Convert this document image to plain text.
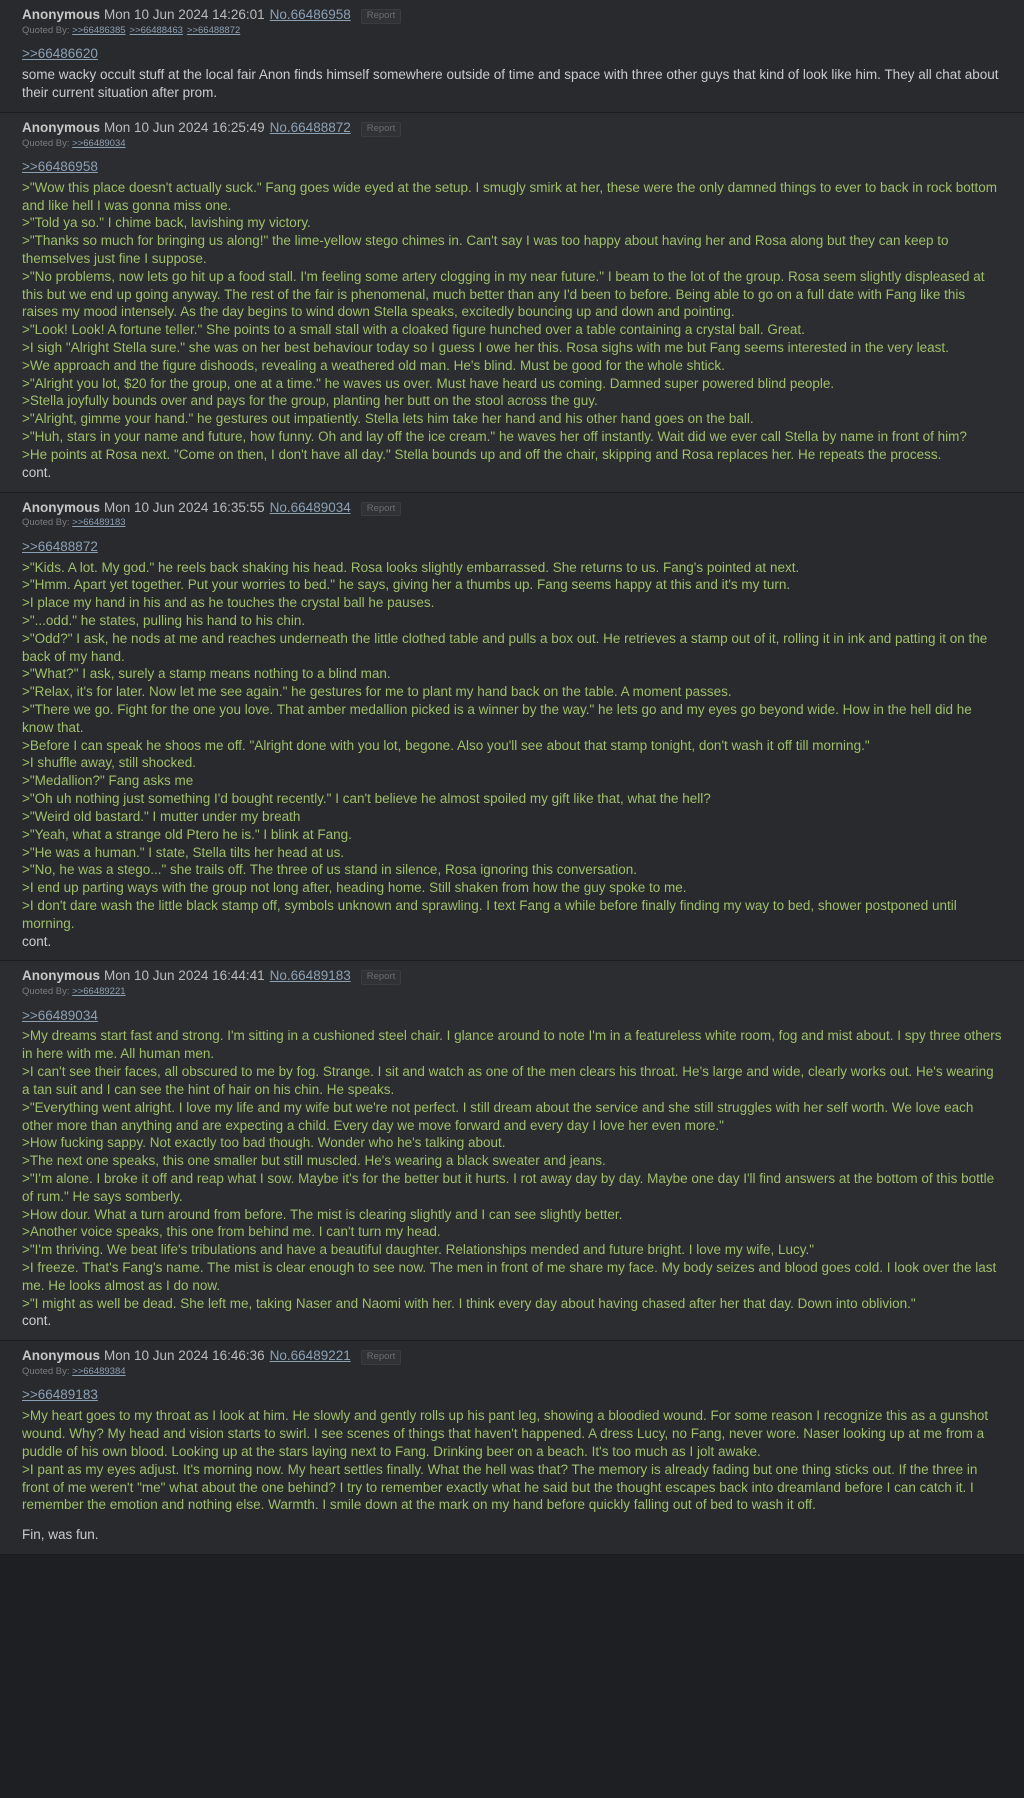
Anonymous Mon 10 Jun 2024 14:26:01 No.66486958 Report
Quoted By: >>66486385 >>66488463 >>66488872
>>66486620
some wacky occult stuff at the local fair Anon finds himself somewhere outside of time and space with three other guys that kind of look like him. They all chat about their current situation after prom.
Anonymous Mon 10 Jun 2024 16:25:49 No.66488872 Report
Quoted By: >>66489034
>>66486958
>"Wow this place doesn't actually suck." Fang goes wide eyed at the setup. I smugly smirk at her, these were the only damned things to ever to back in rock bottom and like hell I was gonna miss one.
>"Told ya so." I chime back, lavishing my victory.
>"Thanks so much for bringing us along!" the lime-yellow stego chimes in. Can't say I was too happy about having her and Rosa along but they can keep to themselves just fine I suppose.
>"No problems, now lets go hit up a food stall. I'm feeling some artery clogging in my near future." I beam to the lot of the group. Rosa seem slightly displeased at this but we end up going anyway. The rest of the fair is phenomenal, much better than any I'd been to before. Being able to go on a full date with Fang like this raises my mood intensely. As the day begins to wind down Stella speaks, excitedly bouncing up and down and pointing.
>"Look! Look! A fortune teller." She points to a small stall with a cloaked figure hunched over a table containing a crystal ball. Great.
>I sigh "Alright Stella sure." she was on her best behaviour today so I guess I owe her this. Rosa sighs with me but Fang seems interested in the very least.
>We approach and the figure dishoods, revealing a weathered old man. He's blind. Must be good for the whole shtick.
>"Alright you lot, $20 for the group, one at a time." he waves us over. Must have heard us coming. Damned super powered blind people.
>Stella joyfully bounds over and pays for the group, planting her butt on the stool across the guy.
>"Alright, gimme your hand." he gestures out impatiently. Stella lets him take her hand and his other hand goes on the ball.
>"Huh, stars in your name and future, how funny. Oh and lay off the ice cream." he waves her off instantly. Wait did we ever call Stella by name in front of him?
>He points at Rosa next. "Come on then, I don't have all day." Stella bounds up and off the chair, skipping and Rosa replaces her. He repeats the process.
cont.
Anonymous Mon 10 Jun 2024 16:35:55 No.66489034 Report
Quoted By: >>66489183
>>66488872
>"Kids. A lot. My god." he reels back shaking his head. Rosa looks slightly embarrassed. She returns to us. Fang's pointed at next.
>"Hmm. Apart yet together. Put your worries to bed." he says, giving her a thumbs up. Fang seems happy at this and it's my turn.
>I place my hand in his and as he touches the crystal ball he pauses.
>"...odd." he states, pulling his hand to his chin.
>"Odd?" I ask, he nods at me and reaches underneath the little clothed table and pulls a box out. He retrieves a stamp out of it, rolling it in ink and patting it on the back of my hand.
>"What?" I ask, surely a stamp means nothing to a blind man.
>"Relax, it's for later. Now let me see again." he gestures for me to plant my hand back on the table. A moment passes.
>"There we go. Fight for the one you love. That amber medallion picked is a winner by the way." he lets go and my eyes go beyond wide. How in the hell did he know that.
>Before I can speak he shoos me off. "Alright done with you lot, begone. Also you'll see about that stamp tonight, don't wash it off till morning."
>I shuffle away, still shocked.
>"Medallion?" Fang asks me
>"Oh uh nothing just something I'd bought recently." I can't believe he almost spoiled my gift like that, what the hell?
>"Weird old bastard." I mutter under my breath
>"Yeah, what a strange old Ptero he is." I blink at Fang.
>"He was a human." I state, Stella tilts her head at us.
>"No, he was a stego..." she trails off. The three of us stand in silence, Rosa ignoring this conversation.
>I end up parting ways with the group not long after, heading home. Still shaken from how the guy spoke to me.
>I don't dare wash the little black stamp off, symbols unknown and sprawling. I text Fang a while before finally finding my way to bed, shower postponed until morning.
cont.
Anonymous Mon 10 Jun 2024 16:44:41 No.66489183 Report
Quoted By: >>66489221
>>66489034
>My dreams start fast and strong. I'm sitting in a cushioned steel chair. I glance around to note I'm in a featureless white room, fog and mist about. I spy three others in here with me. All human men.
>I can't see their faces, all obscured to me by fog. Strange. I sit and watch as one of the men clears his throat. He's large and wide, clearly works out. He's wearing a tan suit and I can see the hint of hair on his chin. He speaks.
>"Everything went alright. I love my life and my wife but we're not perfect. I still dream about the service and she still struggles with her self worth. We love each other more than anything and are expecting a child. Every day we move forward and every day I love her even more."
>How fucking sappy. Not exactly too bad though. Wonder who he's talking about.
>The next one speaks, this one smaller but still muscled. He's wearing a black sweater and jeans.
>"I'm alone. I broke it off and reap what I sow. Maybe it's for the better but it hurts. I rot away day by day. Maybe one day I'll find answers at the bottom of this bottle of rum." He says somberly.
>How dour. What a turn around from before. The mist is clearing slightly and I can see slightly better.
>Another voice speaks, this one from behind me. I can't turn my head.
>"I'm thriving. We beat life's tribulations and have a beautiful daughter. Relationships mended and future bright. I love my wife, Lucy."
>I freeze. That's Fang's name. The mist is clear enough to see now. The men in front of me share my face. My body seizes and blood goes cold. I look over the last me. He looks almost as I do now.
>"I might as well be dead. She left me, taking Naser and Naomi with her. I think every day about having chased after her that day. Down into oblivion."
cont.
Anonymous Mon 10 Jun 2024 16:46:36 No.66489221 Report
Quoted By: >>66489384
>>66489183
>My heart goes to my throat as I look at him. He slowly and gently rolls up his pant leg, showing a bloodied wound. For some reason I recognize this as a gunshot wound. Why? My head and vision starts to swirl. I see scenes of things that haven't happened. A dress Lucy, no Fang, never wore. Naser looking up at me from a puddle of his own blood. Looking up at the stars laying next to Fang. Drinking beer on a beach. It's too much as I jolt awake.
>I pant as my eyes adjust. It's morning now. My heart settles finally. What the hell was that? The memory is already fading but one thing sticks out. If the three in front of me weren't "me" what about the one behind? I try to remember exactly what he said but the thought escapes back into dreamland before I can catch it. I remember the emotion and nothing else. Warmth. I smile down at the mark on my hand before quickly falling out of bed to wash it off.
Fin, was fun.
